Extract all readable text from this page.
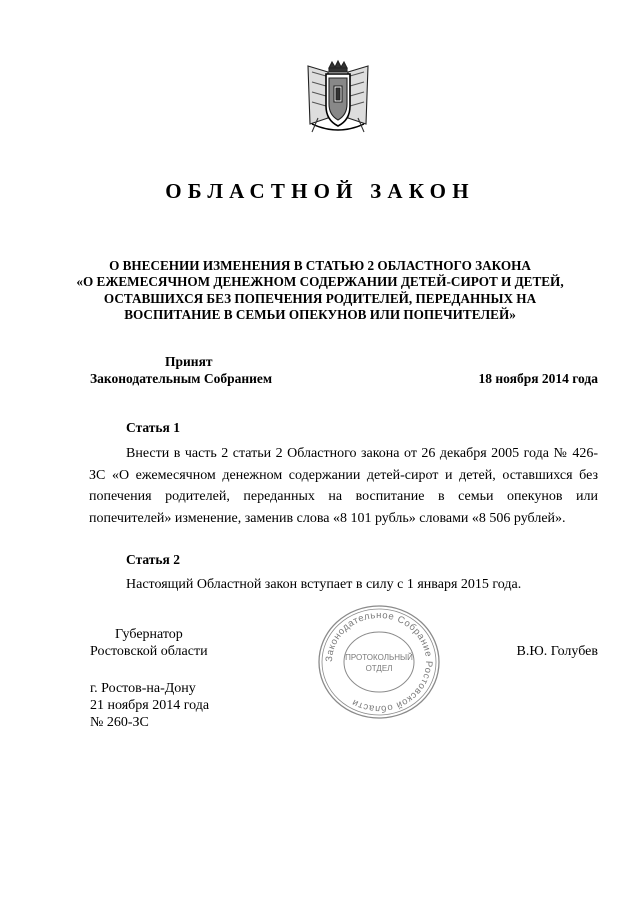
ОБЛАСТНОЙ ЗАКОН
О ВНЕСЕНИИ ИЗМЕНЕНИЯ В СТАТЬЮ 2 ОБЛАСТНОГО ЗАКОНА
«О ЕЖЕМЕСЯЧНОМ ДЕНЕЖНОМ СОДЕРЖАНИИ ДЕТЕЙ-СИРОТ И ДЕТЕЙ,
ОСТАВШИХСЯ БЕЗ ПОПЕЧЕНИЯ РОДИТЕЛЕЙ, ПЕРЕДАННЫХ НА
ВОСПИТАНИЕ В СЕМЬИ ОПЕКУНОВ ИЛИ ПОПЕЧИТЕЛЕЙ»
Принят
Законодательным Собранием	18 ноября 2014 года
Статья 1
Внести в часть 2 статьи 2 Областного закона от 26 декабря 2005 года № 426-ЗС «О ежемесячном денежном содержании детей-сирот и детей, оставшихся без попечения родителей, переданных на воспитание в семьи опекунов или попечителей» изменение, заменив слова «8 101 рубль» словами «8 506 рублей».
Статья 2
Настоящий Областной закон вступает в силу с 1 января 2015 года.
Губернатор
Ростовской области	В.Ю. Голубев
г. Ростов-на-Дону
21 ноября 2014 года
№ 260-ЗС
Законодательное Собрание Ростовской области
ПРОТОКОЛЬНЫЙ
ОТДЕЛ
